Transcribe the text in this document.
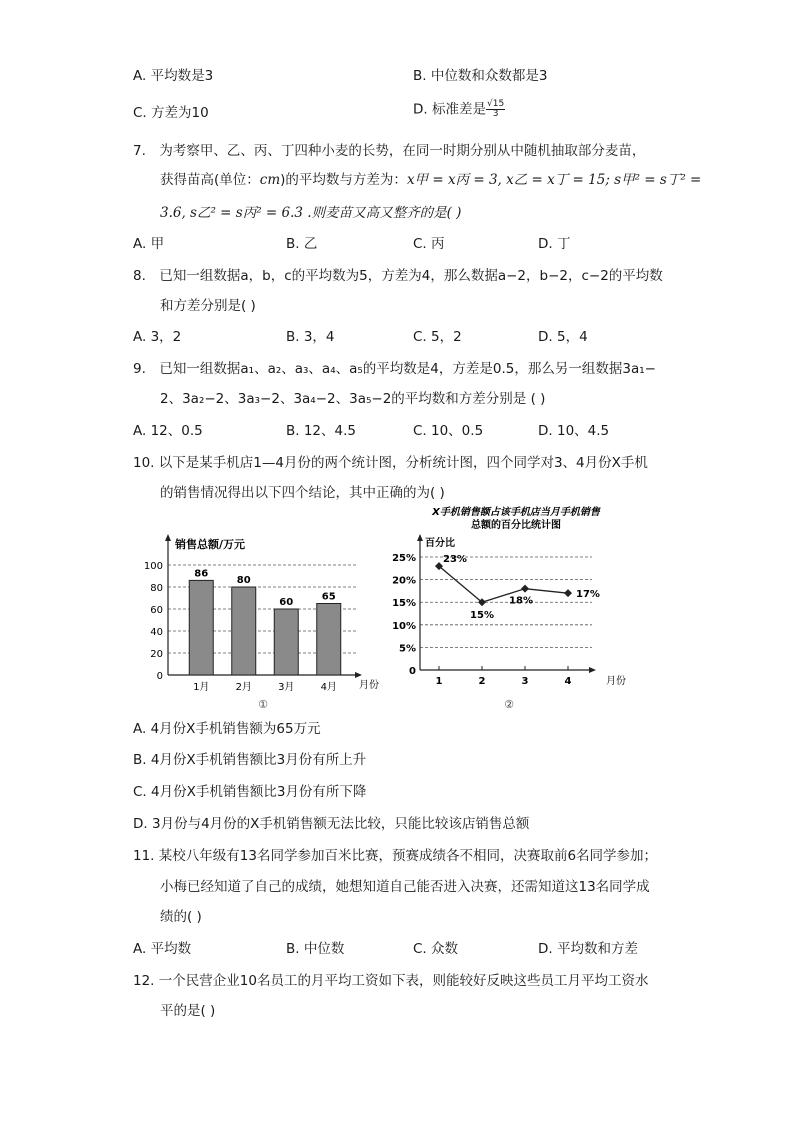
A. 平均数是3	B. 中位数和众数都是3
C. 方差为10	D. 标准差是 $\frac{√15}{3}$
7.　为考察甲、乙、丙、丁四种小麦的长势，在同一时期分别从中随机抽取部分麦苗，
获得苗高(单位：cm)的平均数与方差为：x甲 = x丙 = 3, x乙 = x丁 = 15; s甲² = s丁² =
3.6, s乙² = s丙² = 6.3 .则麦苗又高又整齐的是( )
A. 甲	B. 乙	C. 丙	D. 丁
8.　已知一组数据a，b，c的平均数为5，方差为4，那么数据a−2，b−2，c−2的平均数
和方差分别是( )
A. 3，2	B. 3，4	C. 5，2	D. 5，4
9.　已知一组数据a₁、a₂、a₃、a₄、a₅的平均数是4，方差是0.5，那么另一组数据3a₁−
2、3a₂−2、3a₃−2、3a₄−2、3a₅−2的平均数和方差分别是 ( )
A. 12、0.5	B. 12、4.5	C. 10、0.5	D. 10、4.5
10. 以下是某手机店1—4月份的两个统计图，分析统计图，四个同学对3、4月份X手机
的销售情况得出以下四个结论，其中正确的为( )
销售总额/万元
月份
0
20
40
60
80
100
86
1月
80
2月
60
3月
65
4月
①
X手机销售额占该手机店当月手机销售
总额的百分比统计图
百分比
0
5%
10%
15%
20%
25%
1	2	3	4
23%
15%
18%
17%
月份
②
A. 4月份X手机销售额为65万元
B. 4月份X手机销售额比3月份有所上升
C. 4月份X手机销售额比3月份有所下降
D. 3月份与4月份的X手机销售额无法比较，只能比较该店销售总额
11. 某校八年级有13名同学参加百米比赛，预赛成绩各不相同，决赛取前6名同学参加；
小梅已经知道了自己的成绩，她想知道自己能否进入决赛，还需知道这13名同学成
绩的( )
A. 平均数	B. 中位数	C. 众数	D. 平均数和方差
12. 一个民营企业10名员工的月平均工资如下表，则能较好反映这些员工月平均工资水
平的是( )
